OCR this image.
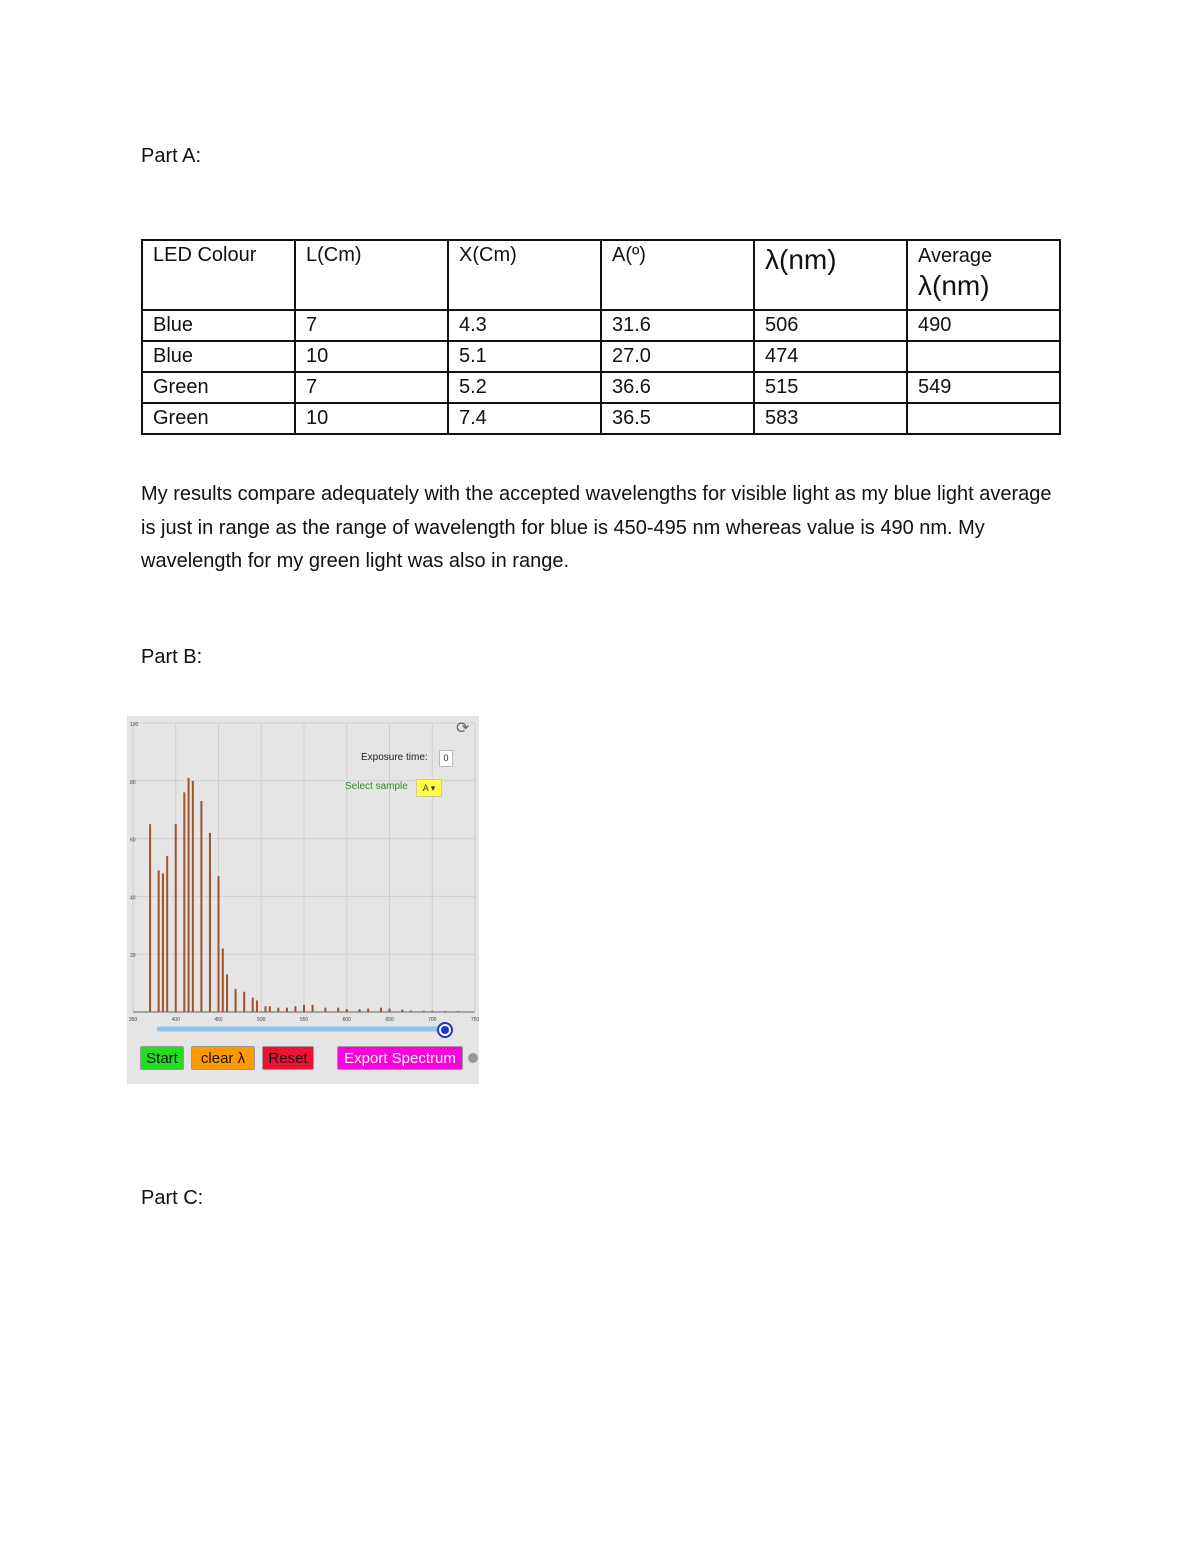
Part A:
LED Colour	L(Cm)	X(Cm)	A(º)	λ(nm)	Average
λ(nm)
Blue	7	4.3	31.6	506	490
Blue	10	5.1	27.0	474	
Green	7	5.2	36.6	515	549
Green	10	7.4	36.5	583	

My results compare adequately with the accepted wavelengths for visible light as my blue light average is just in range as the range of wavelength for blue is 450-495 nm whereas value is 490 nm. My wavelength for my green light was also in range.

Part B:
20
40
60
80
100
350	400	450	500	550	600	650	700	750
⟳
Exposure time:	0
Select sample	A ▾
Start	clear λ	Reset	Export Spectrum
Part C:
